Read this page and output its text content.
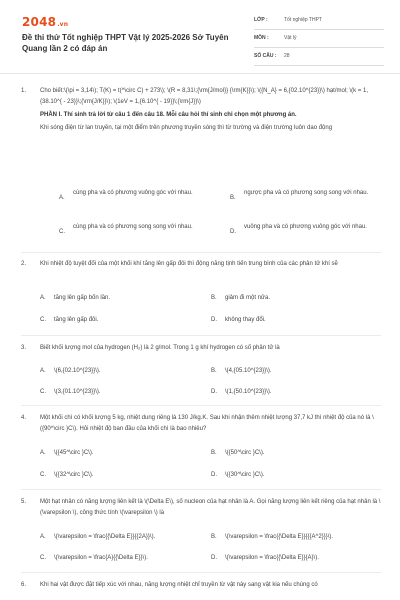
2048.vn
Đề thi thử Tốt nghiệp THPT Vật lý 2025-2026 Sở Tuyên Quang lần 2 có đáp án
LỚP :	Tốt nghiệp THPT
MÔN :	Vật lý
SỐ CÂU : 28
1. Cho biết:\(\pi = 3,14\); T(K) = t(^\circ C) + 273\); \(R = 8,31\;{\rm{J/mol}} {\rm{K}}\); \({N_A} = 6,{02.10^{23}}\) hạt/mol; \(k = 1,{38.10^{ - 23}}\;{\rm{J/K}}\); \(1eV = 1,{6.10^{ - 19}}\;{\rm{J}}\)
PHẦN I. Thí sinh trả lời từ câu 1 đến câu 18. Mỗi câu hỏi thí sinh chỉ chọn một phương án.
Khi sóng điện từ lan truyền, tại một điểm trên phương truyền sóng thì từ trường và điện trường luôn dao động
A.
cùng pha và có phương vuông góc với nhau.
B.
ngược pha và có phương song song với nhau.
C.
cùng pha và có phương song song với nhau.
D.
vuông pha và có phương vuông góc với nhau.
2. Khi nhiệt độ tuyệt đối của một khối khí tăng lên gấp đôi thì động năng tịnh tiến trung bình của các phân tử khí sẽ
A. tăng lên gấp bốn lần.	B. giảm đi một nửa.
C. tăng lên gấp đôi.	D. không thay đổi.
3. Biết khối lượng mol của hydrogen (H₂) là 2 g/mol. Trong 1 g khí hydrogen có số phân tử là
A. \(6,{02.10^{23}}\).	B. \(4,{05.10^{23}}\).
C. \(3,{01.10^{23}}\).	D. \(1,{50.10^{23}}\).
4. Một khối chì có khối lượng 5 kg, nhiệt dung riêng là 130 J/kg.K. Sau khi nhận thêm nhiệt lượng 37,7 kJ thì nhiệt độ của nó là \({90^\circ }C\). Hỏi nhiệt độ ban đầu của khối chì là bao nhiêu?
A. \({45^\circ }C\).	B. \({50^\circ }C\).
C. \({32^\circ }C\).	D. \({30^\circ }C\).
5. Một hạt nhân có năng lượng liên kết là \(\Delta E\), số nucleon của hạt nhân là A. Gọi năng lượng liên kết riêng của hạt nhân là \(\varepsilon \), công thức tính \(\varepsilon \) là
A. \(\varepsilon = \frac{{\Delta E}}{{2A}}\).	B. \(\varepsilon = \frac{{\Delta E}}{{{A^2}}}\).
C. \(\varepsilon = \frac{A}{{\Delta E}}\).	D. \(\varepsilon = \frac{{\Delta E}}{A}\).
6. Khi hai vật được đặt tiếp xúc với nhau, năng lượng nhiệt chỉ truyền từ vật này sang vật kia nếu chúng có
